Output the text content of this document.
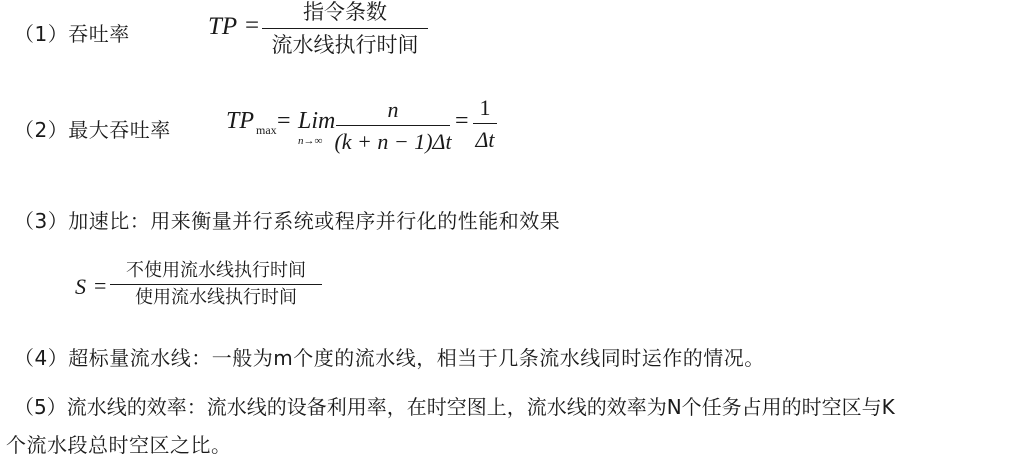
（1）吞吐率	TP = 指令条数
流水线执行时间
（2）最大吞吐率 TP max = Lim
n→∞
n
(k + n − 1)Δt
=
1
Δt
（3）加速比：用来衡量并行系统或程序并行化的性能和效果
S =
不使用流水线执行时间
使用流水线执行时间
（4）超标量流水线：一般为m个度的流水线，相当于几条流水线同时运作的情况。
（5）流水线的效率：流水线的设备利用率，在时空图上，流水线的效率为N个任务占用的时空区与K
个流水段总时空区之比。
